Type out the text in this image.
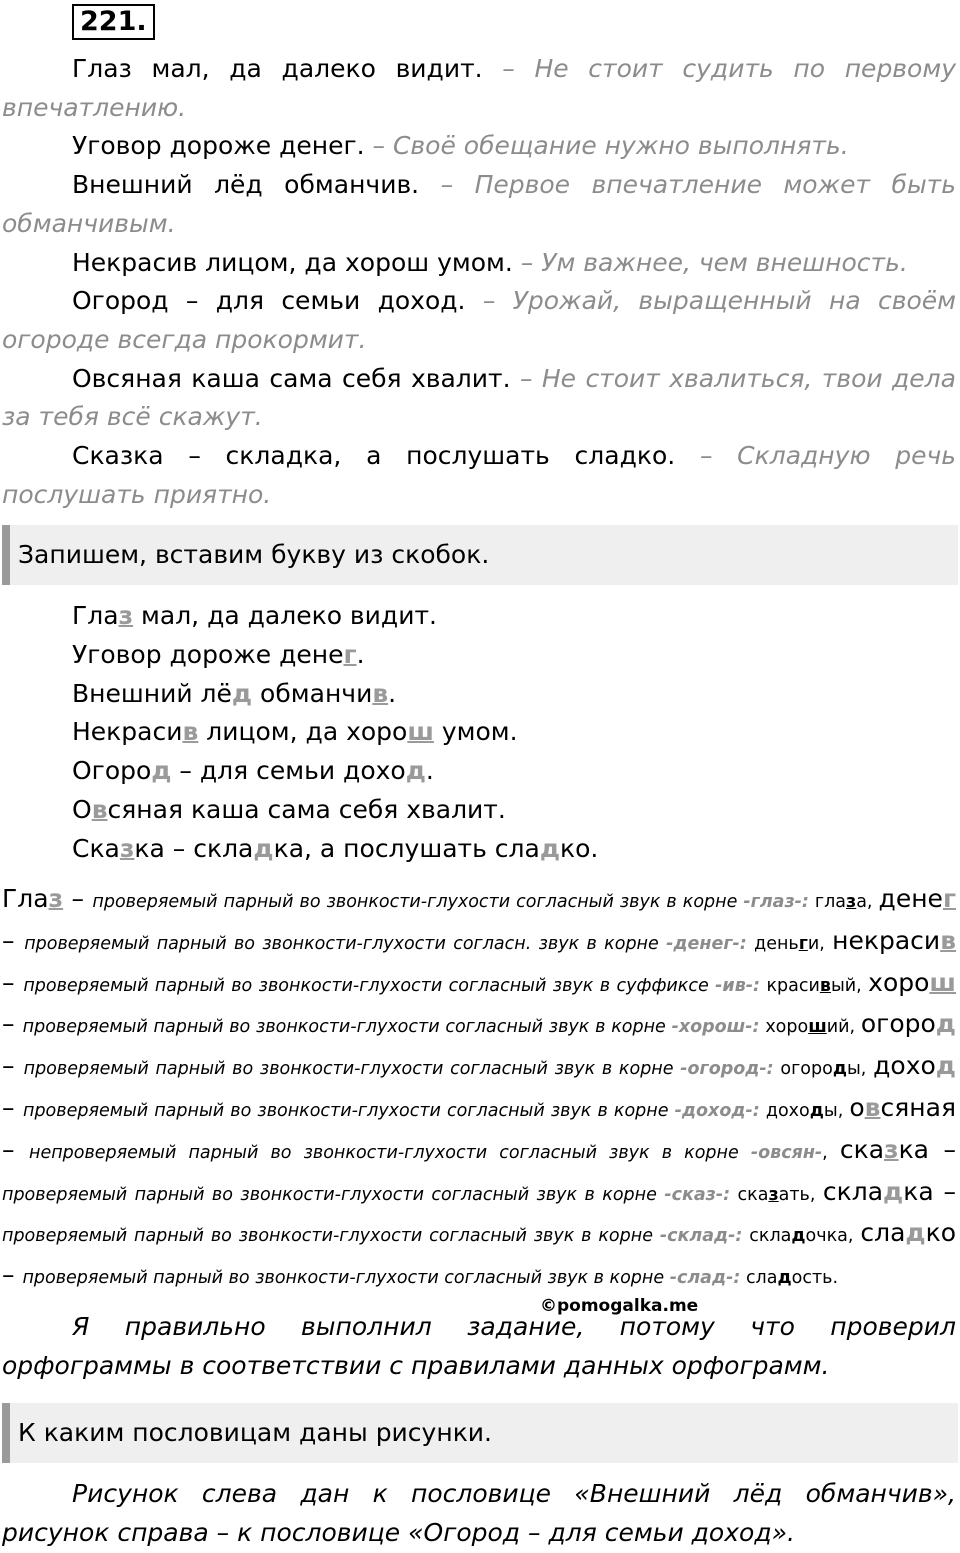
221.

Глаз мал, да далеко видит. – Не стоит судить по первому впечатлению.

Уговор дороже денег. – Своё обещание нужно выполнять.

Внешний лёд обманчив. – Первое впечатление может быть обманчивым.

Некрасив лицом, да хорош умом. – Ум важнее, чем внешность.

Огород – для семьи доход. – Урожай, выращенный на своём огороде всегда прокормит.

Овсяная каша сама себя хвалит. – Не стоит хвалиться, твои дела за тебя всё скажут.

Сказка – складка, а послушать сладко. – Складную речь послушать приятно.

Запишем, вставим букву из скобок.
Глаз мал, да далеко видит.
Уговор дороже денег.
Внешний лёд обманчив.
Некрасив лицом, да хорош умом.
Огород – для семьи доход.
Овсяная каша сама себя хвалит.
Сказка – складка, а послушать сладко.

Глаз – проверяемый парный во звонкости-глухости согласный звук в корне -глаз-: глаза, денег – проверяемый парный во звонкости-глухости согласн. звук в корне -денег-: деньги, некрасив – проверяемый парный во звонкости-глухости согласный звук в суффиксе -ив-: красивый, хорош – проверяемый парный во звонкости-глухости согласный звук в корне -хорош-: хороший, огород – проверяемый парный во звонкости-глухости согласный звук в корне -огород-: огороды, доход – проверяемый парный во звонкости-глухости согласный звук в корне -доход-: доходы, овсяная – непроверяемый парный во звонкости-глухости согласный звук в корне -овсян-, сказка – проверяемый парный во звонкости-глухости согласный звук в корне -сказ-: сказать, складка – проверяемый парный во звонкости-глухости согласный звук в корне -склад-: складочка, сладко – проверяемый парный во звонкости-глухости согласный звук в корне -слад-: сладость.

©pomogalka.me

Я правильно выполнил задание, потому что проверил орфограммы в соответствии с правилами данных орфограмм.

К каким пословицам даны рисунки.

Рисунок слева дан к пословице «Внешний лёд обманчив», рисунок справа – к пословице «Огород – для семьи доход».
